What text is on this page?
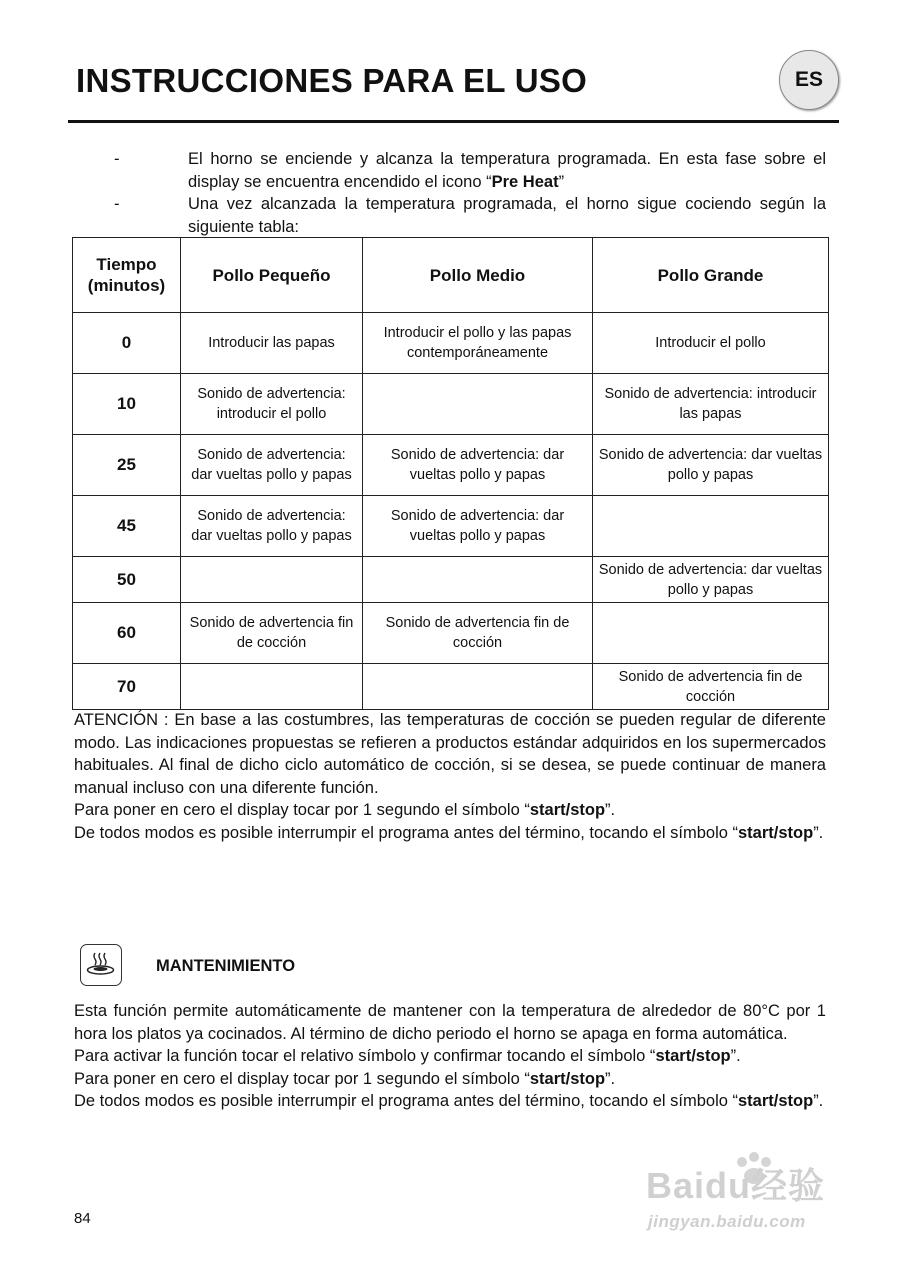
INSTRUCCIONES PARA EL USO	ES
-	El horno se enciende y alcanza la temperatura programada. En esta fase sobre el display se encuentra encendido el icono “Pre Heat”
-	Una vez alcanzada la temperatura programada, el horno sigue cociendo según la siguiente tabla:
Tiempo (minutos)	Pollo Pequeño	Pollo Medio	Pollo Grande
0	Introducir las papas	Introducir el pollo y las papas contemporáneamente	Introducir el pollo
10	Sonido de advertencia: introducir el pollo		Sonido de advertencia: introducir las papas
25	Sonido de advertencia: dar vueltas pollo y papas	Sonido de advertencia: dar vueltas pollo y papas	Sonido de advertencia: dar vueltas pollo y papas
45	Sonido de advertencia: dar vueltas pollo y papas	Sonido de advertencia: dar vueltas pollo y papas	
50			Sonido de advertencia: dar vueltas pollo y papas
60	Sonido de advertencia fin de cocción	Sonido de advertencia fin de cocción	
70			Sonido de advertencia fin de cocción

ATENCIÓN : En base a las costumbres, las temperaturas de cocción se pueden regular de diferente modo. Las indicaciones propuestas se refieren a productos estándar adquiridos en los supermercados habituales. Al final de dicho ciclo automático de cocción, si se desea, se puede continuar de manera manual incluso con una diferente función.

Para poner en cero el display tocar por 1 segundo el símbolo “start/stop”.

De todos modos es posible interrumpir el programa antes del término, tocando el símbolo “start/stop”.

MANTENIMIENTO

Esta función permite automáticamente de mantener con la temperatura de alrededor de 80°C por 1 hora los platos ya cocinados. Al término de dicho periodo el horno se apaga en forma automática.

Para activar la función tocar el relativo símbolo y confirmar tocando el símbolo “start/stop”.

Para poner en cero el display tocar por 1 segundo el símbolo “start/stop”.

De todos modos es posible interrumpir el programa antes del término, tocando el símbolo “start/stop”.

84
Baidu经验
jingyan.baidu.com
